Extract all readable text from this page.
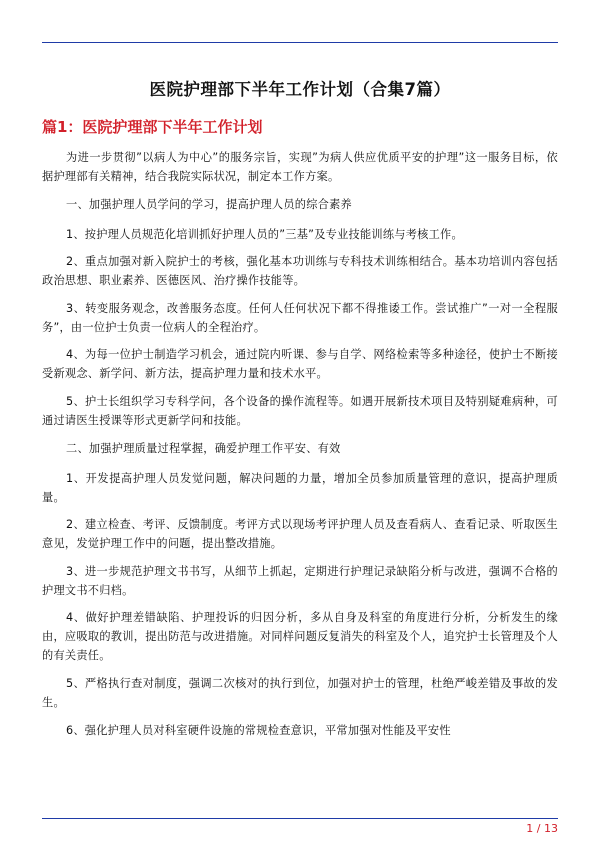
医院护理部下半年工作计划（合集7篇）
篇1：医院护理部下半年工作计划

为进一步贯彻”以病人为中心”的服务宗旨，实现”为病人供应优质平安的护理”这一服务目标，依据护理部有关精神，结合我院实际状况，制定本工作方案。

一、加强护理人员学问的学习，提高护理人员的综合素养

1、按护理人员规范化培训抓好护理人员的”三基”及专业技能训练与考核工作。

2、重点加强对新入院护士的考核，强化基本功训练与专科技术训练相结合。基本功培训内容包括政治思想、职业素养、医德医风、治疗操作技能等。

3、转变服务观念，改善服务态度。任何人任何状况下都不得推诿工作。尝试推广”一对一全程服务”，由一位护士负责一位病人的全程治疗。

4、为每一位护士制造学习机会，通过院内听课、参与自学、网络检索等多种途径，使护士不断接受新观念、新学问、新方法，提高护理力量和技术水平。

5、护士长组织学习专科学问，各个设备的操作流程等。如遇开展新技术项目及特别疑难病种，可通过请医生授课等形式更新学问和技能。

二、加强护理质量过程掌握，确爱护理工作平安、有效

1、开发提高护理人员发觉问题，解决问题的力量，增加全员参加质量管理的意识，提高护理质量。

2、建立检查、考评、反馈制度。考评方式以现场考评护理人员及查看病人、查看记录、听取医生意见，发觉护理工作中的问题，提出整改措施。

3、进一步规范护理文书书写，从细节上抓起，定期进行护理记录缺陷分析与改进，强调不合格的护理文书不归档。

4、做好护理差错缺陷、护理投诉的归因分析，多从自身及科室的角度进行分析，分析发生的缘由，应吸取的教训，提出防范与改进措施。对同样问题反复消失的科室及个人，追究护士长管理及个人的有关责任。

5、严格执行查对制度，强调二次核对的执行到位，加强对护士的管理，杜绝严峻差错及事故的发生。

6、强化护理人员对科室硬件设施的常规检查意识，平常加强对性能及平安性

1 / 13
